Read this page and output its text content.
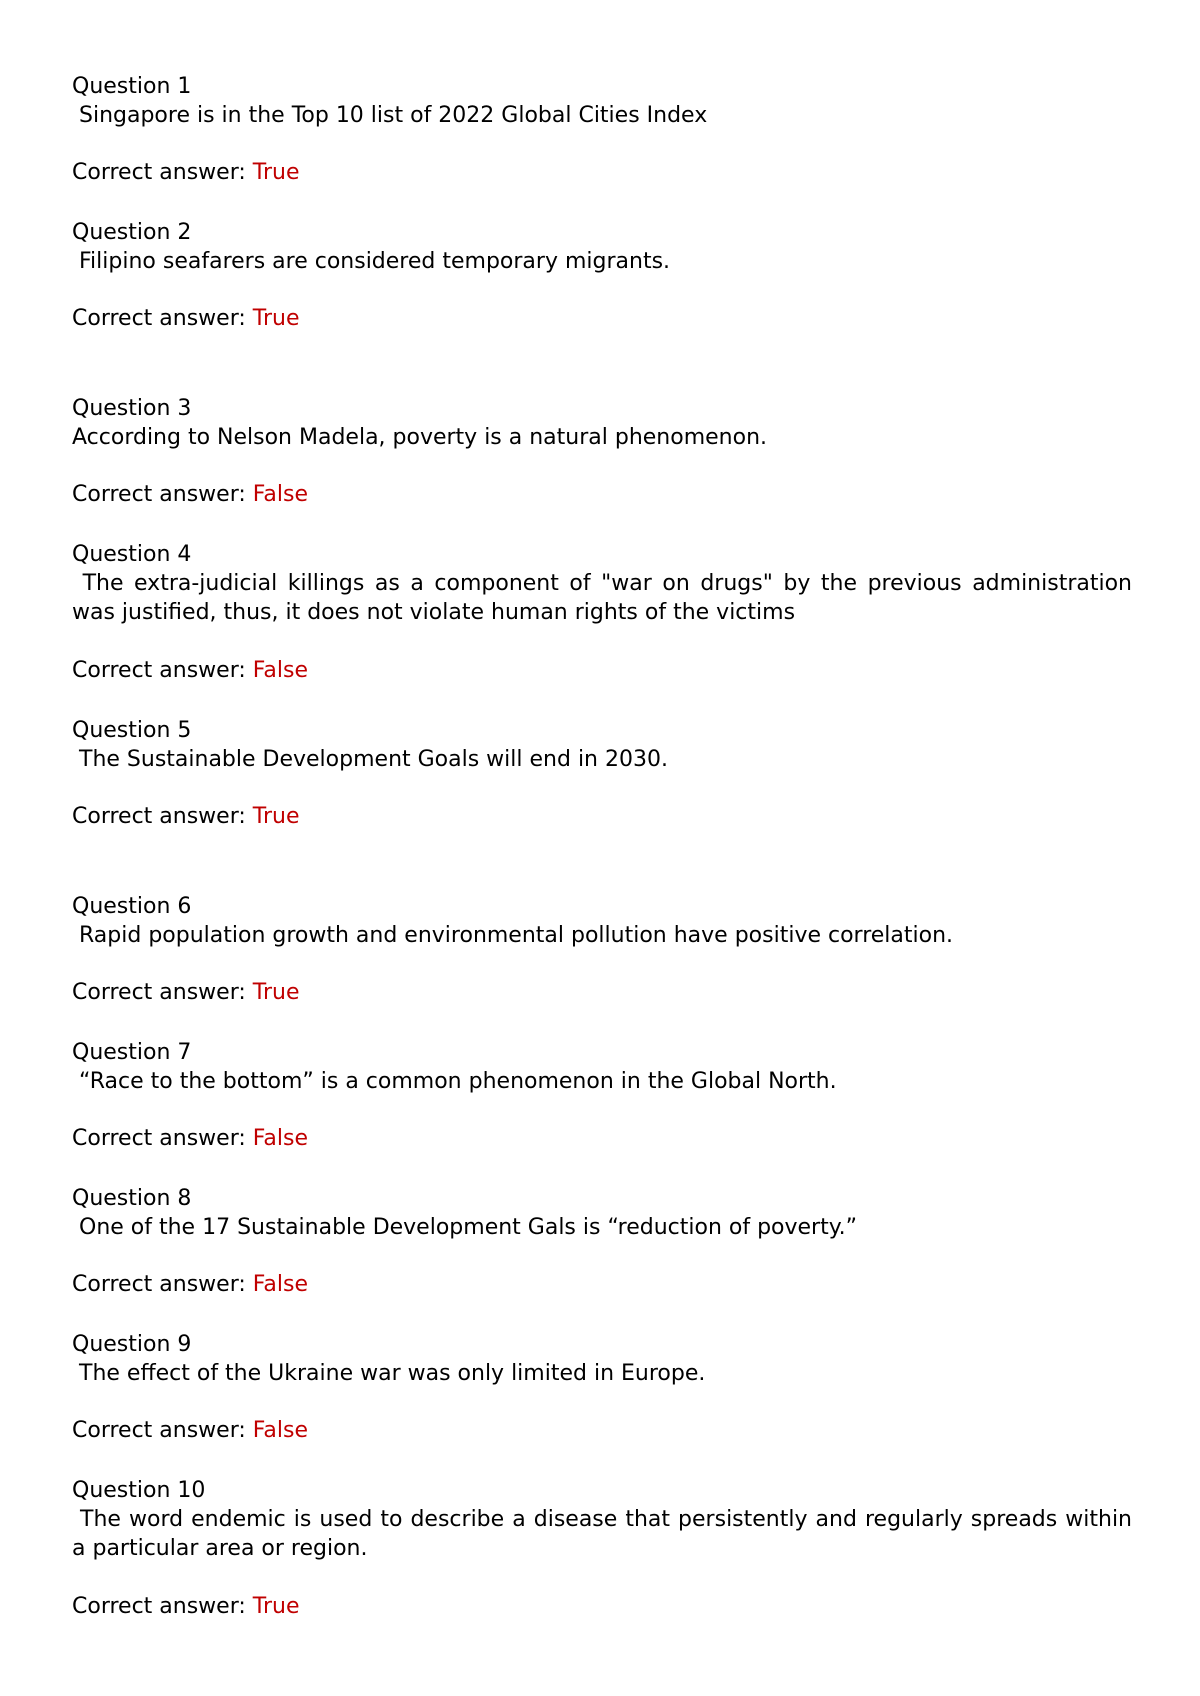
Question 1

Singapore is in the Top 10 list of 2022 Global Cities Index

Correct answer: True

Question 2

Filipino seafarers are considered temporary migrants.

Correct answer: True

Question 3

According to Nelson Madela, poverty is a natural phenomenon.

Correct answer: False

Question 4

The extra-judicial killings as a component of "war on drugs" by the previous administration was justified, thus, it does not violate human rights of the victims

Correct answer: False

Question 5

The Sustainable Development Goals will end in 2030.

Correct answer: True

Question 6

Rapid population growth and environmental pollution have positive correlation.

Correct answer: True

Question 7

“Race to the bottom” is a common phenomenon in the Global North.

Correct answer: False

Question 8

One of the 17 Sustainable Development Gals is “reduction of poverty.”

Correct answer: False

Question 9

The effect of the Ukraine war was only limited in Europe.

Correct answer: False

Question 10

The word endemic is used to describe a disease that persistently and regularly spreads within a particular area or region.

Correct answer: True
